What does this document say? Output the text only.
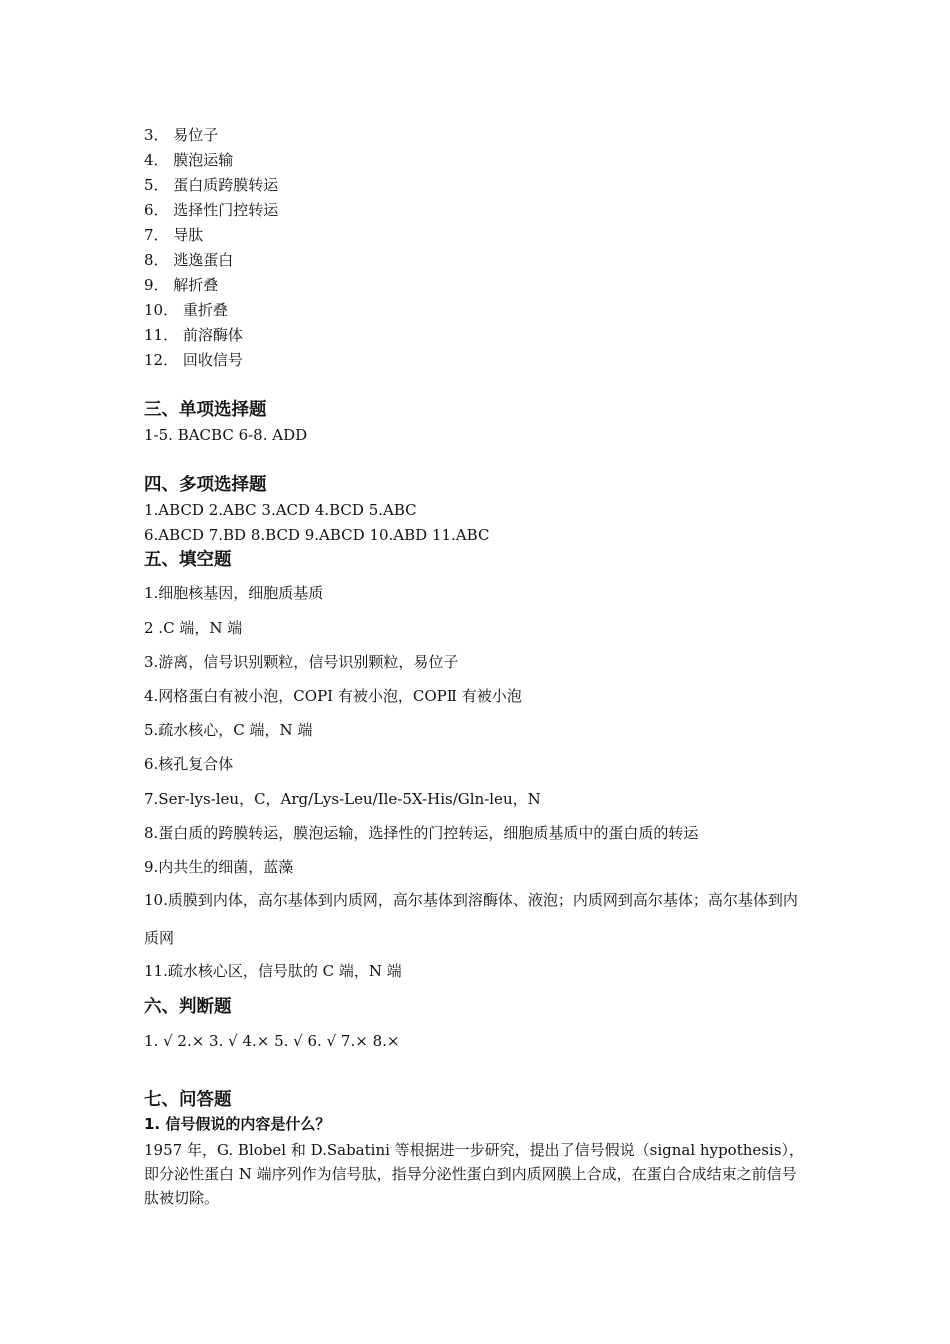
3． 易位子
4． 膜泡运输
5． 蛋白质跨膜转运
6． 选择性门控转运
7． 导肽
8． 逃逸蛋白
9． 解折叠
10． 重折叠
11． 前溶酶体
12． 回收信号
三、单项选择题
1-5. BACBC 6-8. ADD
四、多项选择题
1.ABCD 2.ABC 3.ACD 4.BCD 5.ABC
6.ABCD 7.BD 8.BCD 9.ABCD 10.ABD 11.ABC
五、填空题
1.细胞核基因，细胞质基质
2 .C 端，N 端
3.游离，信号识别颗粒，信号识别颗粒，易位子
4.网格蛋白有被小泡，COPⅠ 有被小泡，COPⅡ 有被小泡
5.疏水核心，C 端，N 端
6.核孔复合体
7.Ser-lys-leu，C，Arg/Lys-Leu/Ile-5X-His/Gln-leu，N
8.蛋白质的跨膜转运，膜泡运输，选择性的门控转运，细胞质基质中的蛋白质的转运
9.内共生的细菌，蓝藻
10.质膜到内体，高尔基体到内质网，高尔基体到溶酶体、液泡；内质网到高尔基体；高尔基体到内质网
11.疏水核心区，信号肽的 C 端，N 端
六、判断题
1. √ 2.× 3. √ 4.× 5. √ 6. √ 7.× 8.×
七、问答题
1. 信号假说的内容是什么？
1957 年，G. Blobel 和 D.Sabatini 等根据进一步研究，提出了信号假说（signal hypothesis），即分泌性蛋白 N 端序列作为信号肽，指导分泌性蛋白到内质网膜上合成，在蛋白合成结束之前信号肽被切除。
